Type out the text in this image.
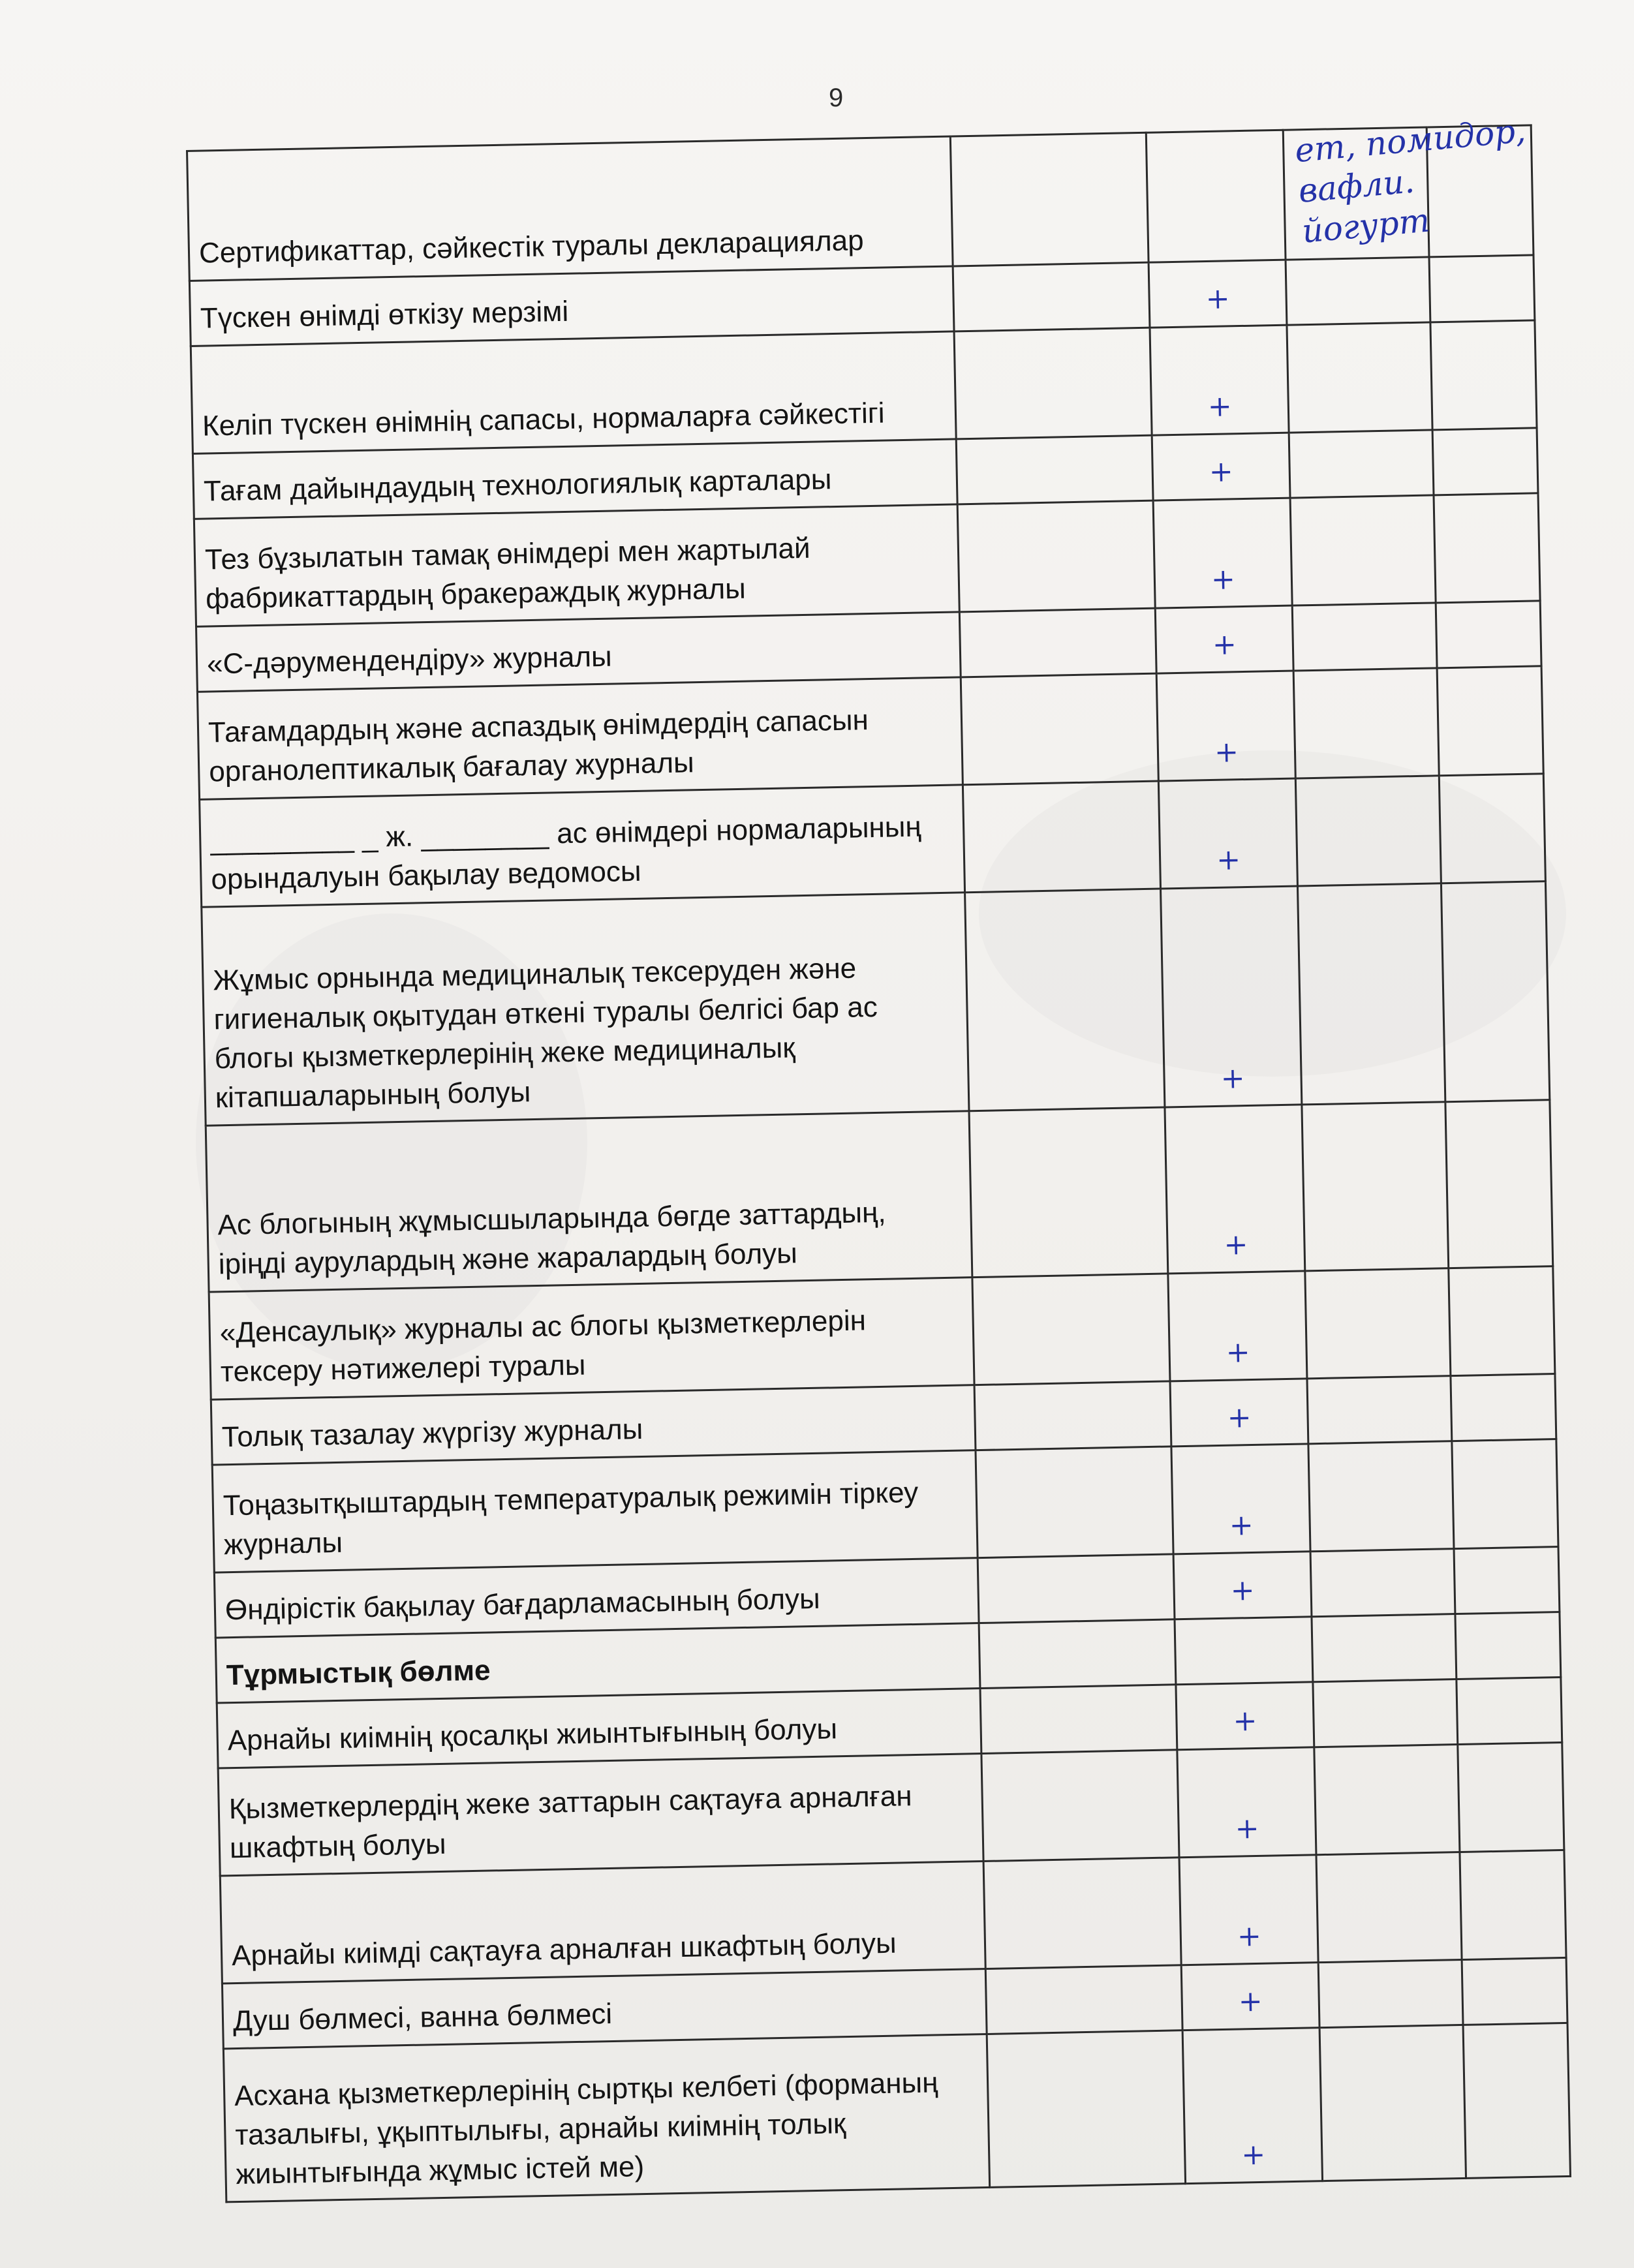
9
Сертификаттар, сәйкестік туралы декларациялар			ет, помидор,
вафли.
йогурт	

Түскен өнімді өткізу мерзімі		+		
Келіп түскен өнімнің сапасы, нормаларға сәйкестігі		+		
Тағам дайындаудың технологиялық карталары		+		
Тез бұзылатын тамақ өнімдері мен жартылай фабрикаттардың бракераждық журналы		+		
«С-дәрумендендіру» журналы		+		
Тағамдардың және аспаздық өнімдердің сапасын органолептикалық бағалау журналы		+		
_________ _ ж. ________ ас өнімдері нормаларының орындалуын бақылау ведомосы		+		
Жұмыс орнында медициналық тексеруден және гигиеналық оқытудан өткені туралы белгісі бар ас блогы қызметкерлерінің жеке медициналық кітапшаларының болуы		+		
Ас блогының жұмысшыларында бөгде заттардың, іріңді аурулардың және жаралардың болуы		+		
«Денсаулық» журналы ас блогы қызметкерлерін тексеру нәтижелері туралы		+		
Толық тазалау жүргізу журналы		+		
Тоңазытқыштардың температуралық режимін тіркеу журналы		+		
Өндірістік бақылау бағдарламасының болуы		+		
Тұрмыстық бөлме				
Арнайы киімнің қосалқы жиынтығының болуы		+		
Қызметкерлердің жеке заттарын сақтауға арналған шкафтың болуы		+		
Арнайы киімді сақтауға арналған шкафтың болуы		+		
Душ бөлмесі, ванна бөлмесі		+		
Асхана қызметкерлерінің сыртқы келбеті (форманың тазалығы, ұқыптылығы, арнайы киімнің толық жиынтығында жұмыс істей ме)		+		
